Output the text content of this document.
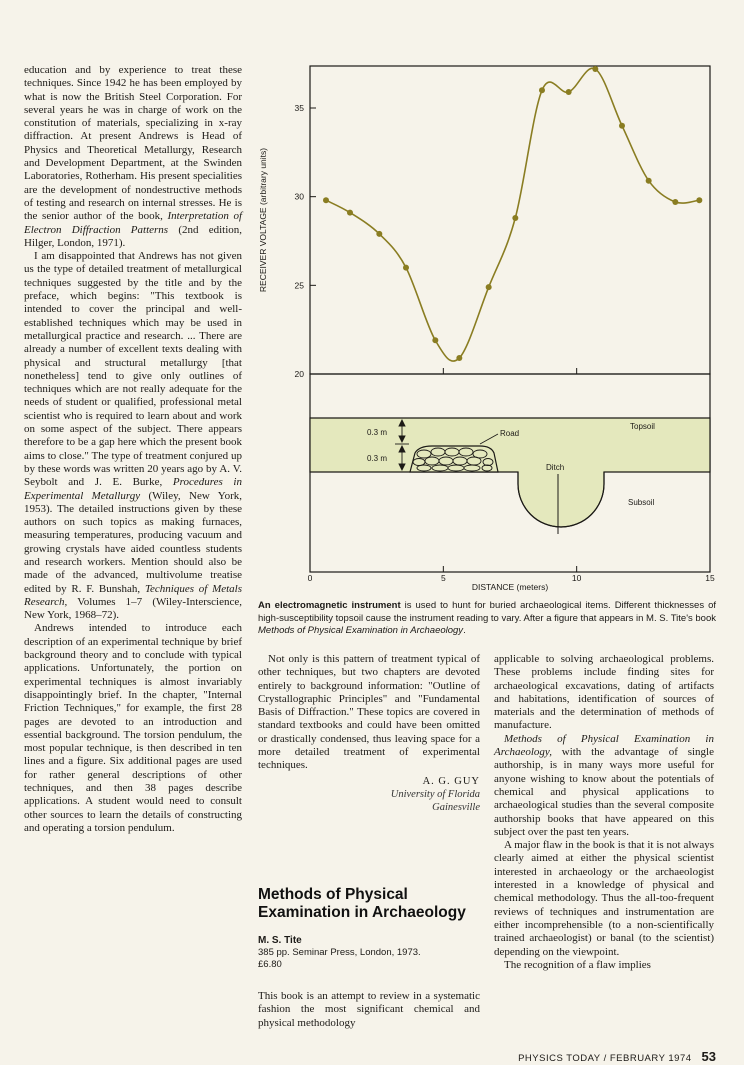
education and by experience to treat these techniques. Since 1942 he has been employed by what is now the British Steel Corporation. For several years he was in charge of work on the constitution of materials, specializing in x-ray diffraction. At present Andrews is Head of Physics and Theoretical Metallurgy, Research and Development Department, at the Swinden Laboratories, Rotherham. His present specialities are the development of nondestructive methods of testing and research on internal stresses. He is the senior author of the book, Interpretation of Electron Diffraction Patterns (2nd edition, Hilger, London, 1971).

I am disappointed that Andrews has not given us the type of detailed treatment of metallurgical techniques suggested by the title and by the preface, which begins: "This textbook is intended to cover the principal and well-established techniques which may be used in metallurgical practice and research. ... There are already a number of excellent texts dealing with physical and structural metallurgy [that nonetheless] tend to give only outlines of techniques which are not really adequate for the needs of student or qualified, professional metal scientist who is required to learn about and work on some aspect of the subject. There appears therefore to be a gap here which the present book aims to close." The type of treatment conjured up by these words was written 20 years ago by A. V. Seybolt and J. E. Burke, Procedures in Experimental Metallurgy (Wiley, New York, 1953). The detailed instructions given by these authors on such topics as making furnaces, measuring temperatures, producing vacuum and growing crystals have aided countless students and research workers. Mention should also be made of the advanced, multivolume treatise edited by R. F. Bunshah, Techniques of Metals Research, Volumes 1–7 (Wiley-Interscience, New York, 1968–72).

Andrews intended to introduce each description of an experimental technique by brief background theory and to conclude with typical applications. Unfortunately, the portion on experimental techniques is almost invariably disappointingly brief. In the chapter, "Internal Friction Techniques," for example, the first 28 pages are devoted to an introduction and essential background. The torsion pendulum, the most popular technique, is then described in ten lines and a figure. Six additional pages are used for rather general descriptions of other techniques, and then 38 pages describe applications. A student would need to consult other sources to learn the details of constructing and operating a torsion pendulum.

20
25
30
35
0	5	10	15
RECEIVER VOLTAGE (arbitrary units)
DISTANCE (meters)
0.3 m
0.3 m
Road
Topsoil
Ditch
Subsoil
An electromagnetic instrument is used to hunt for buried archaeological items. Different thicknesses of high-susceptibility topsoil cause the instrument reading to vary. After a figure that appears in M. S. Tite's book Methods of Physical Examination in Archaeology.

Not only is this pattern of treatment typical of other techniques, but two chapters are devoted entirely to background information: "Outline of Crystallographic Principles" and "Fundamental Basis of Diffraction." These topics are covered in standard textbooks and could have been omitted or drastically condensed, thus leaving space for a more detailed treatment of experimental techniques.

A. G. GUY
University of Florida
Gainesville
Methods of Physical Examination in Archaeology
M. S. Tite
385 pp. Seminar Press, London, 1973.
£6.80

This book is an attempt to review in a systematic fashion the most significant chemical and physical methodology

applicable to solving archaeological problems. These problems include finding sites for archaeological excavations, dating of artifacts and habitations, identification of sources of materials and the determination of methods of manufacture.

Methods of Physical Examination in Archaeology, with the advantage of single authorship, is in many ways more useful for anyone wishing to know about the potentials of chemical and physical applications to archaeological studies than the several composite authorship books that have appeared on this subject over the past ten years.

A major flaw in the book is that it is not always clearly aimed at either the physical scientist interested in archaeology or the archaeologist interested in a knowledge of physical and chemical methodology. Thus the all-too-frequent reviews of techniques and instrumentation are either incomprehensible (to a non-scientifically trained archaeologist) or banal (to the scientist) depending on the viewpoint.

The recognition of a flaw implies

PHYSICS TODAY / FEBRUARY 1974 53
